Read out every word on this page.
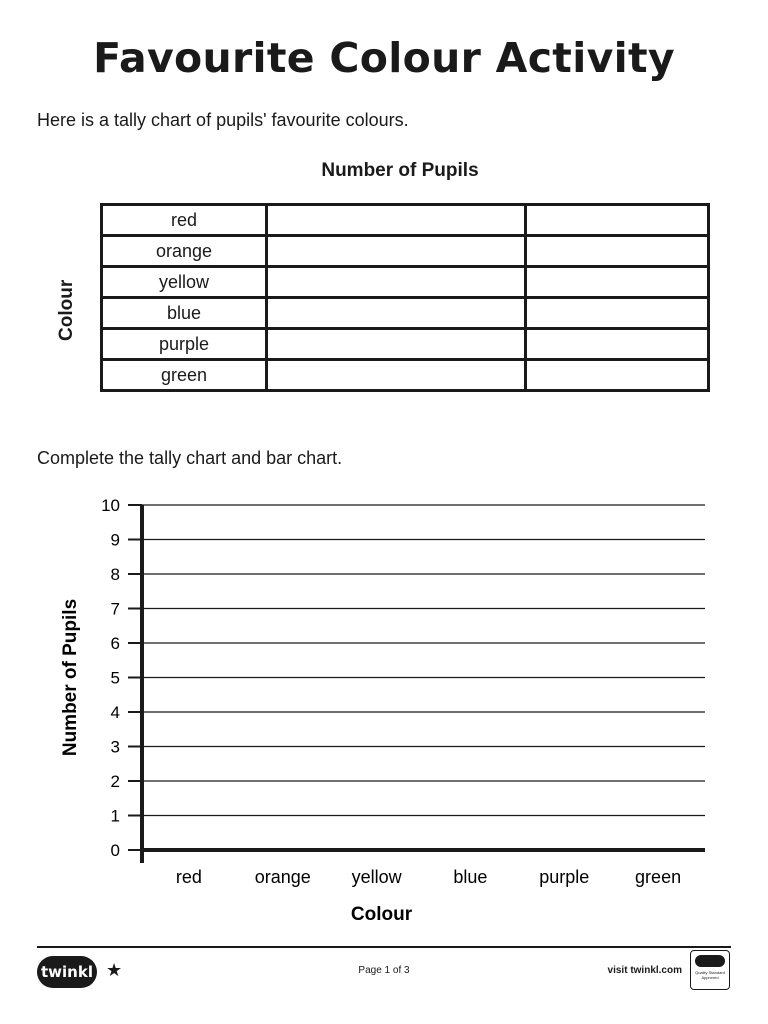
Favourite Colour Activity
Here is a tally chart of pupils' favourite colours.
Number of Pupils
Colour
red		
orange		
yellow		
blue		
purple		
green		
Complete the tally chart and bar chart.
0
1
2
3
4
5
6
7
8
9
10
red	orange yellow	blue	purple	green
Colour
Number of Pupils
twinkl ★	Page 1 of 3	visit twinkl.com	Quality Standard Approved
